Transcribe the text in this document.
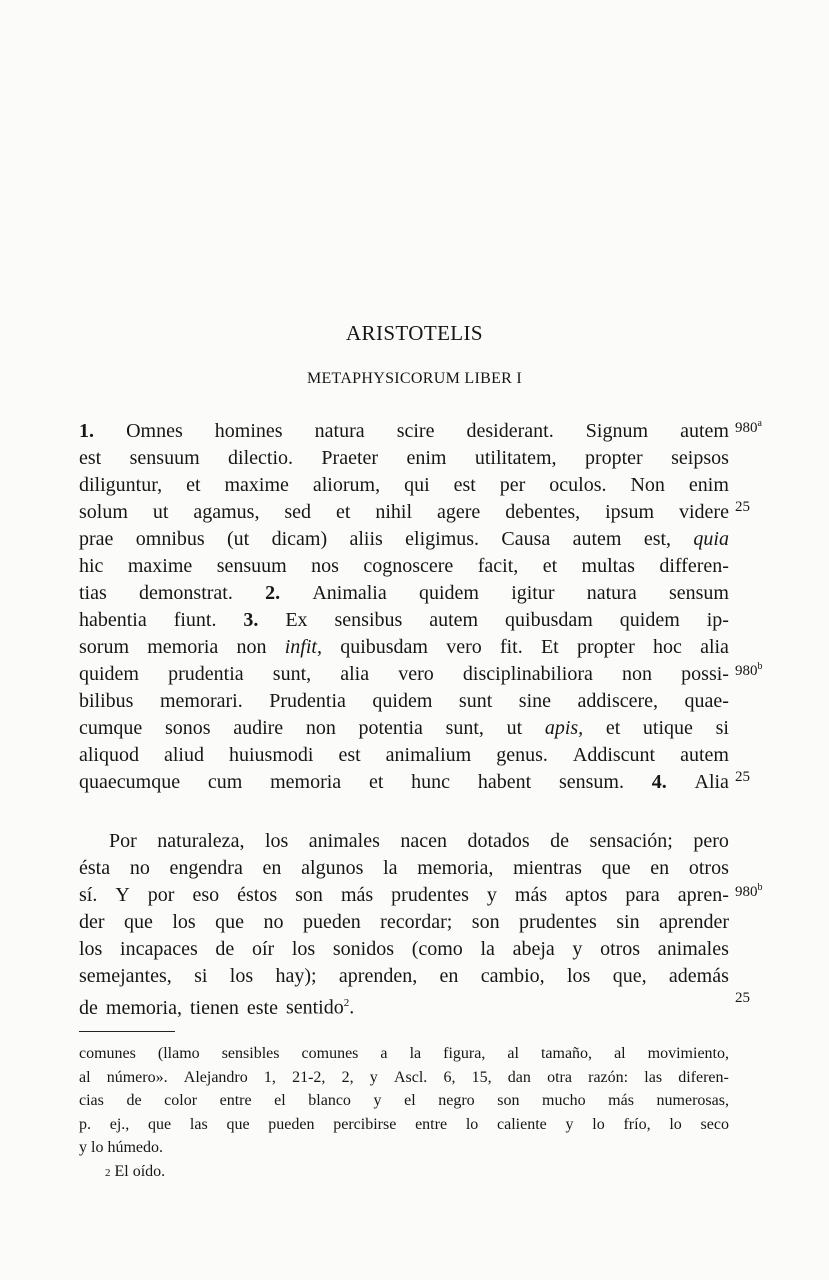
ARISTOTELIS
METAPHYSICORUM LIBER I
1. Omnes homines natura scire desiderant. Signum autem
est sensuum dilectio. Praeter enim utilitatem, propter seipsos
diliguntur, et maxime aliorum, qui est per oculos. Non enim
solum ut agamus, sed et nihil agere debentes, ipsum videre
prae omnibus (ut dicam) aliis eligimus. Causa autem est, quia
hic maxime sensuum nos cognoscere facit, et multas differen-
tias demonstrat. 2. Animalia quidem igitur natura sensum
habentia fiunt. 3. Ex sensibus autem quibusdam quidem ip-
sorum memoria non infit, quibusdam vero fit. Et propter hoc alia
quidem prudentia sunt, alia vero disciplinabiliora non possi-
bilibus memorari. Prudentia quidem sunt sine addiscere, quae-
cumque sonos audire non potentia sunt, ut apis, et utique si
aliquod aliud huiusmodi est animalium genus. Addiscunt autem
quaecumque cum memoria et hunc habent sensum. 4. Alia
980$^a$
25
980$^b$
25
Por naturaleza, los animales nacen dotados de sensación; pero
ésta no engendra en algunos la memoria, mientras que en otros
sí. Y por eso éstos son más prudentes y más aptos para apren-
der que los que no pueden recordar; son prudentes sin aprender
los incapaces de oír los sonidos (como la abeja y otros animales
semejantes, si los hay); aprenden, en cambio, los que, además
de memoria, tienen este sentido$^2$.
980$^b$
25
comunes (llamo sensibles comunes a la figura, al tamaño, al movimiento,
al número». Alejandro 1, 21-2, 2, y Ascl. 6, 15, dan otra razón: las diferen-
cias de color entre el blanco y el negro son mucho más numerosas,
p. ej., que las que pueden percibirse entre lo caliente y lo frío, lo seco
y
lo
húmedo.
2
El oído.
